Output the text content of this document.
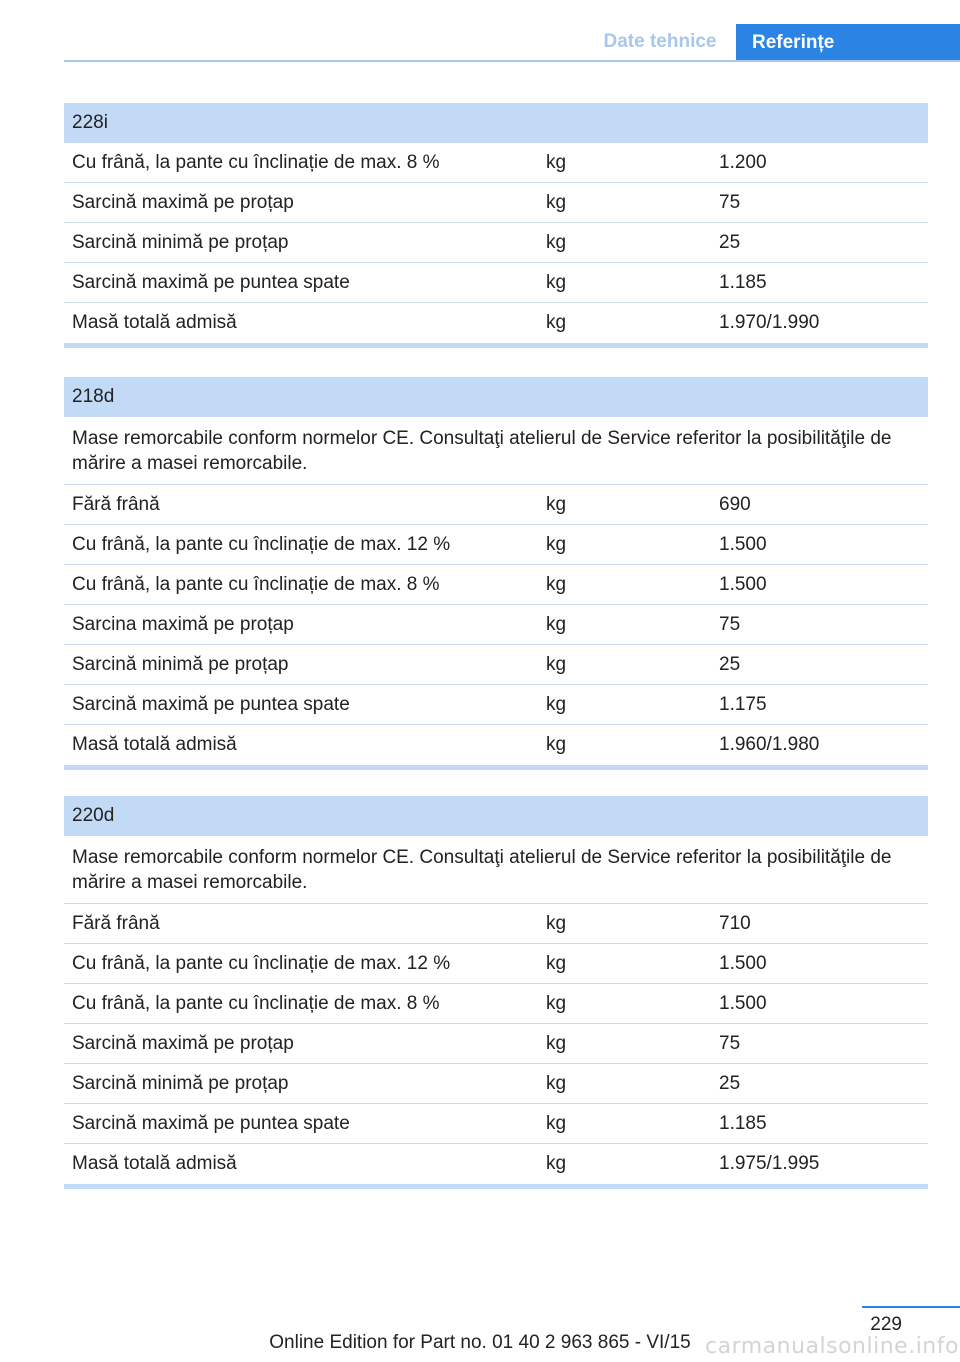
Date tehnice	Referințe
228i
Cu frână, la pante cu înclinație de max. 8 %	kg	1.200
Sarcină maximă pe proțap	kg	75
Sarcină minimă pe proțap	kg	25
Sarcină maximă pe puntea spate	kg	1.185
Masă totală admisă	kg	1.970/1.990
218d
Mase remorcabile conform normelor CE. Consultaţi atelierul de Service referitor la posibilităţile de mărire a masei remorcabile.
Fără frână	kg	690
Cu frână, la pante cu înclinație de max. 12 %	kg	1.500
Cu frână, la pante cu înclinație de max. 8 %	kg	1.500
Sarcina maximă pe proțap	kg	75
Sarcină minimă pe proțap	kg	25
Sarcină maximă pe puntea spate	kg	1.175
Masă totală admisă	kg	1.960/1.980
220d
Mase remorcabile conform normelor CE. Consultaţi atelierul de Service referitor la posibilităţile de mărire a masei remorcabile.
Fără frână	kg	710
Cu frână, la pante cu înclinație de max. 12 %	kg	1.500
Cu frână, la pante cu înclinație de max. 8 %	kg	1.500
Sarcină maximă pe proțap	kg	75
Sarcină minimă pe proțap	kg	25
Sarcină maximă pe puntea spate	kg	1.185
Masă totală admisă	kg	1.975/1.995
229
Online Edition for Part no. 01 40 2 963 865 - VI/15 carmanualsonline.info
